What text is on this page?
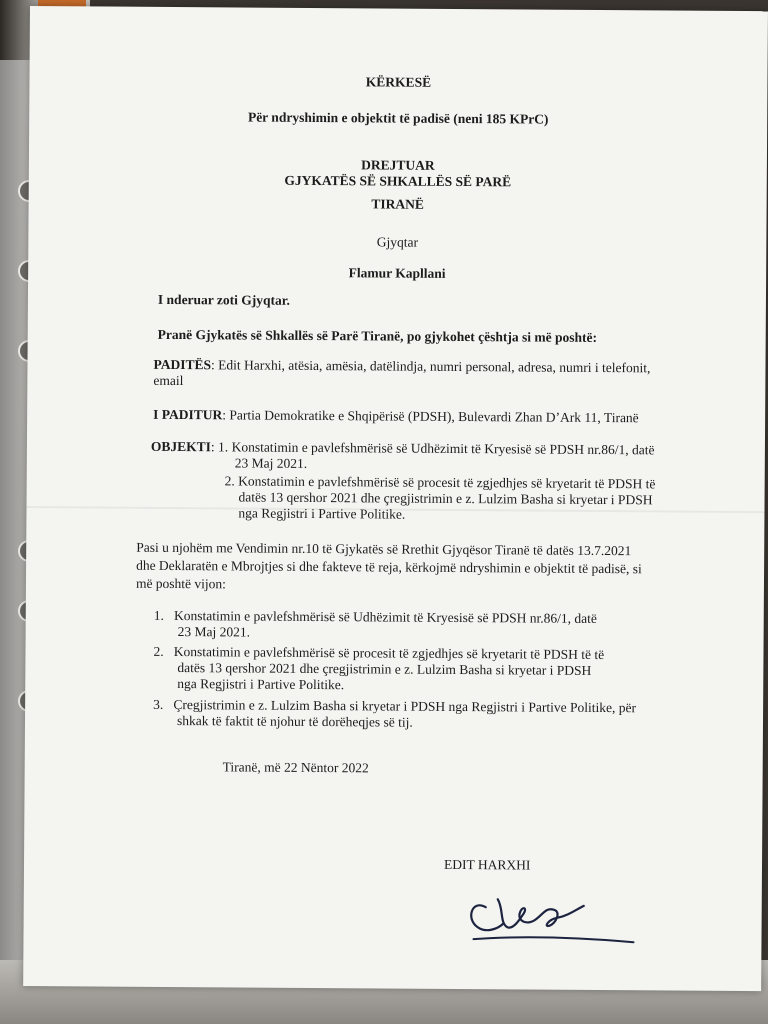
KËRKESË
Për ndryshimin e objektit të padisë (neni 185 KPrC)
DREJTUAR
GJYKATËS SË SHKALLËS SË PARË
TIRANË
Gjyqtar
Flamur Kapllani
I nderuar zoti Gjyqtar.
Pranë Gjykatës së Shkallës së Parë Tiranë, po gjykohet çështja si më poshtë:
PADITËS: Edit Harxhi, atësia, amësia, datëlindja, numri personal, adresa, numri i telefonit,
email
I PADITUR: Partia Demokratike e Shqipërisë (PDSH), Bulevardi Zhan D’Ark 11, Tiranë
OBJEKTI: 1. Konstatimin e pavlefshmërisë së Udhëzimit të Kryesisë së PDSH nr.86/1, datë
23 Maj 2021.
2. Konstatimin e pavlefshmërisë së procesit të zgjedhjes së kryetarit të PDSH të
datës 13 qershor 2021 dhe çregjistrimin e z. Lulzim Basha si kryetar i PDSH
nga Regjistri i Partive Politike.
Pasi u njohëm me Vendimin nr.10 të Gjykatës së Rrethit Gjyqësor Tiranë të datës 13.7.2021
dhe Deklaratën e Mbrojtjes si dhe fakteve të reja, kërkojmë ndryshimin e objektit të padisë, si
më poshtë vijon:
1. Konstatimin e pavlefshmërisë së Udhëzimit të Kryesisë së PDSH nr.86/1, datë
23 Maj 2021.
2. Konstatimin e pavlefshmërisë së procesit të zgjedhjes së kryetarit të PDSH të të
datës 13 qershor 2021 dhe çregjistrimin e z. Lulzim Basha si kryetar i PDSH
nga Regjistri i Partive Politike.
3. Çregjistrimin e z. Lulzim Basha si kryetar i PDSH nga Regjistri i Partive Politike, për
shkak të faktit të njohur të dorëheqjes së tij.
Tiranë, më 22 Nëntor 2022
EDIT HARXHI
